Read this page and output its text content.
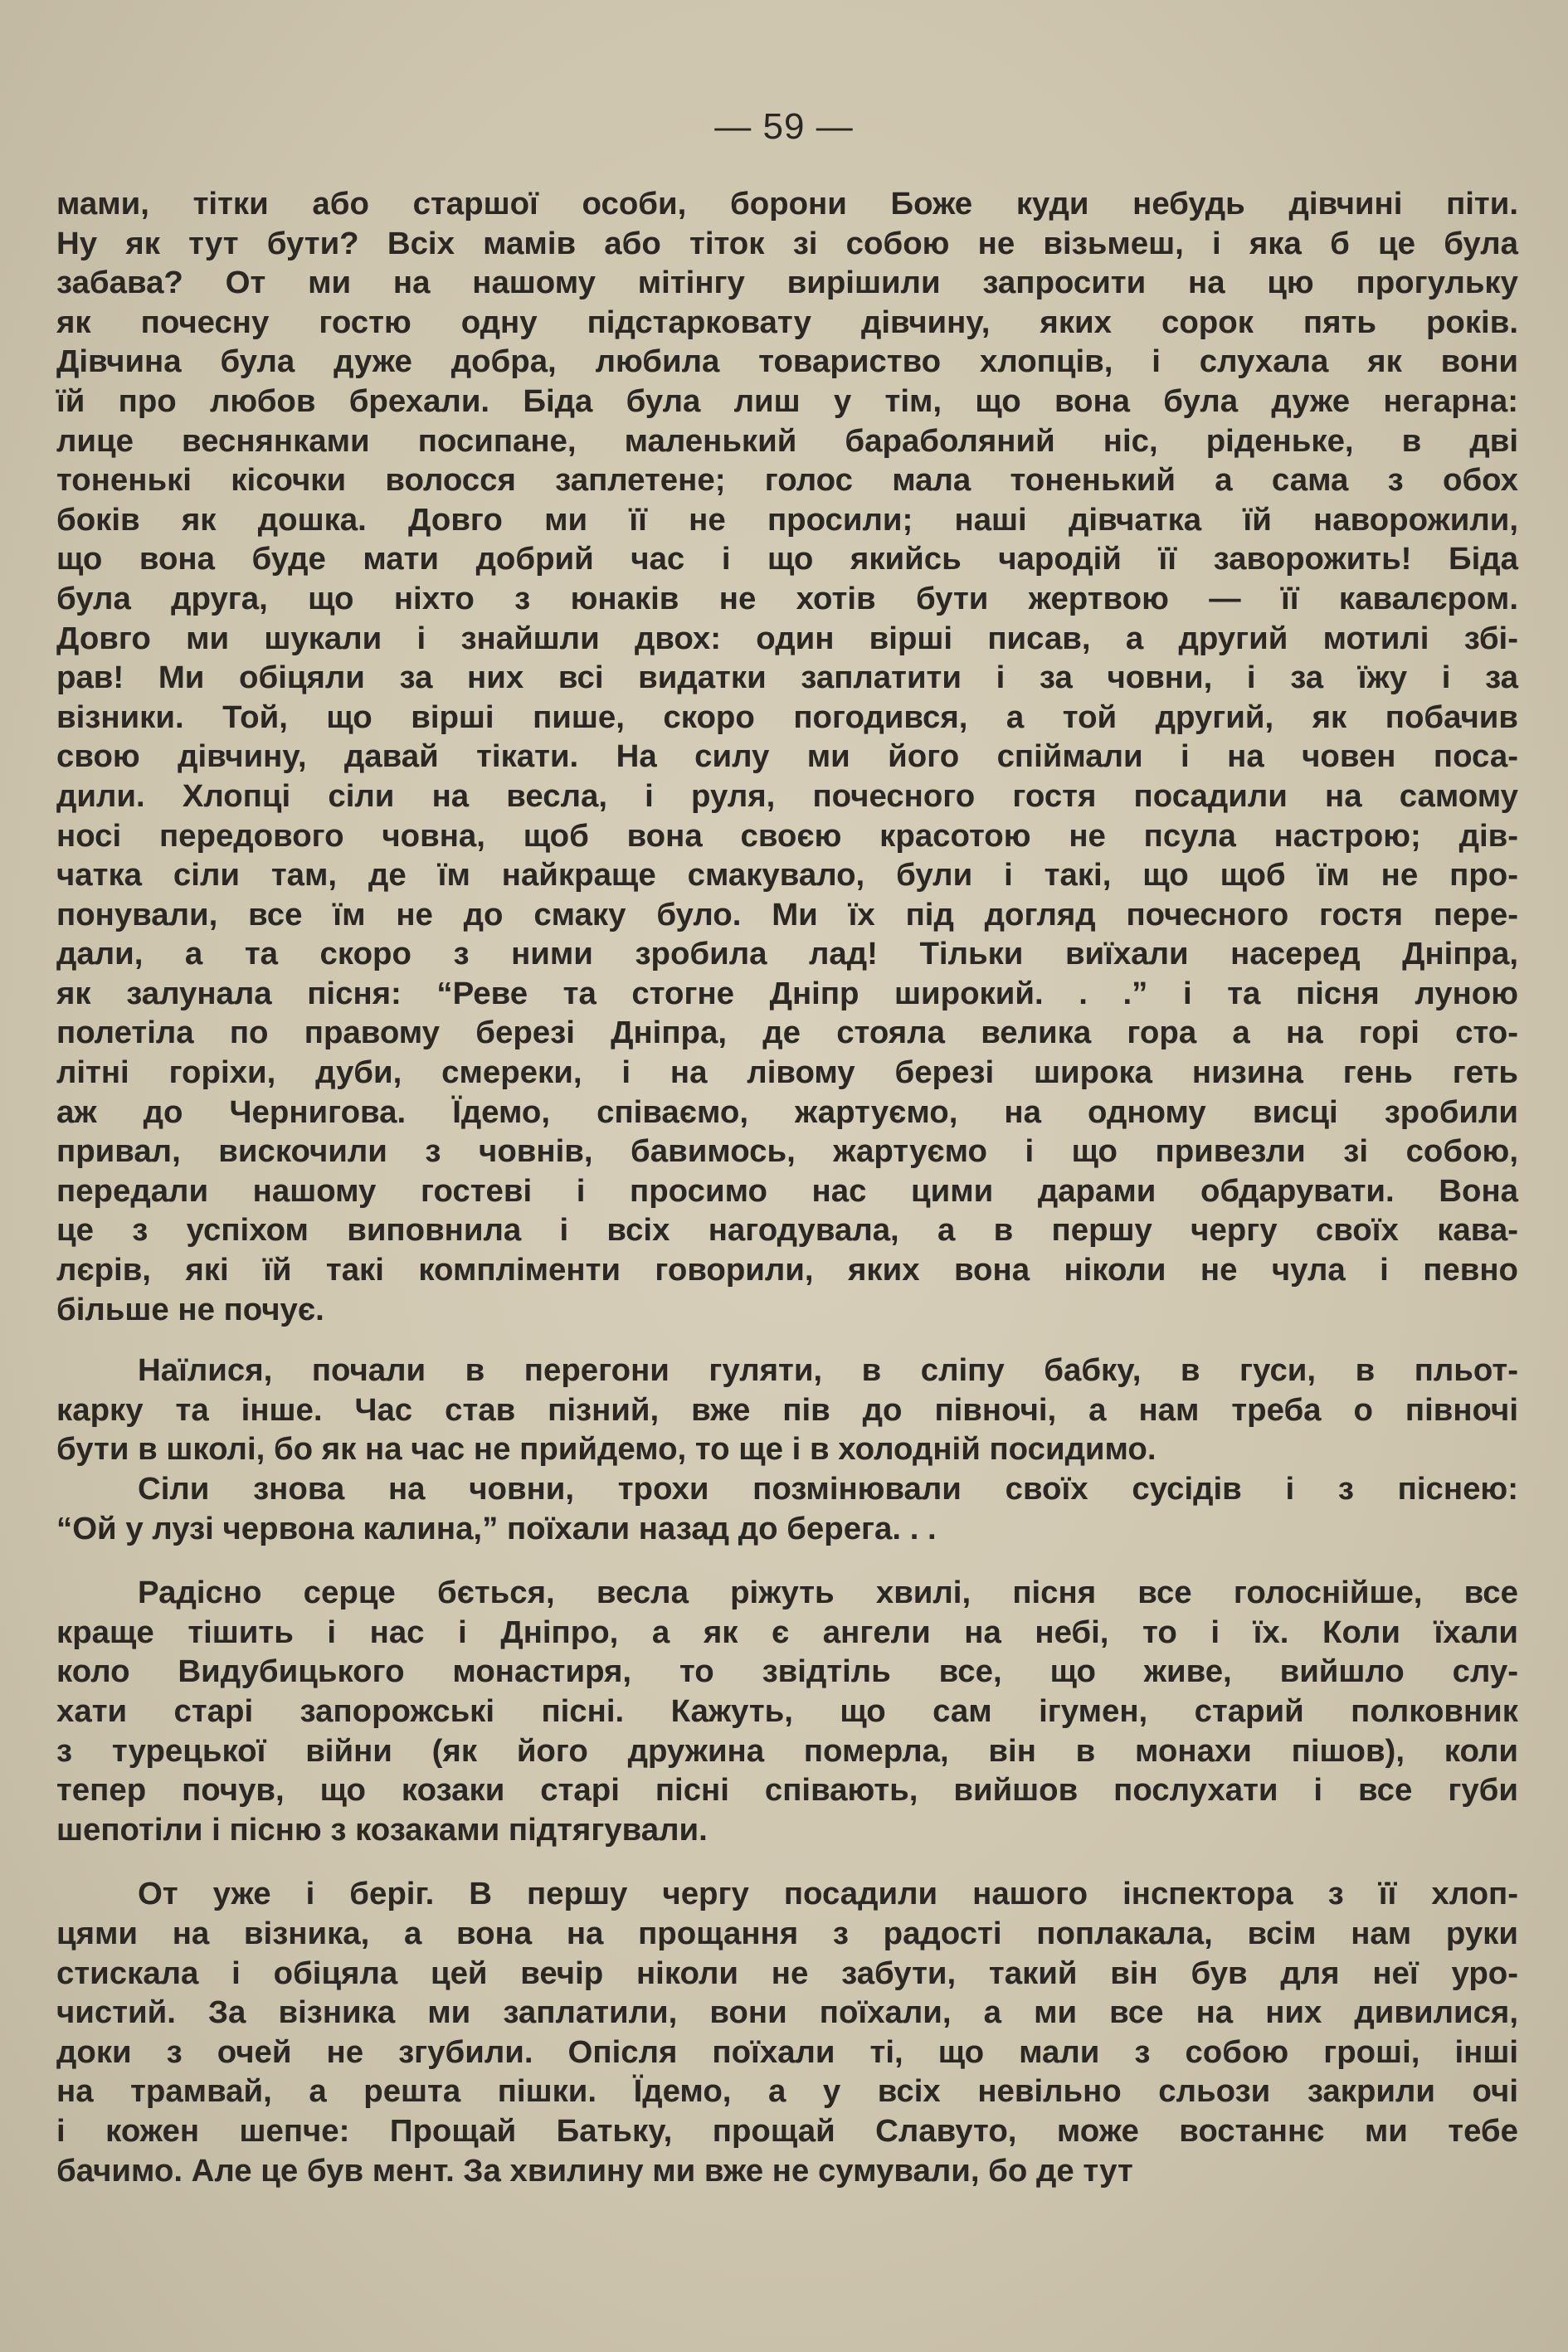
— 59 —
мами, тітки або старшої особи, борони Боже куди небудь дівчині піти.
Ну як тут бути? Всіх мамів або тіток зі собою не візьмеш, і яка б це була
забава? От ми на нашому мітінгу вирішили запросити на цю прогульку
як почесну гостю одну підстарковату дівчину, яких сорок пять років.
Дівчина була дуже добра, любила товариство хлопців, і слухала як вони
їй про любов брехали. Біда була лиш у тім, що вона була дуже негарна:
лице веснянками посипане, маленький бараболяний ніс, ріденьке, в дві
тоненькі кісочки волосся заплетене; голос мала тоненький а сама з обох
боків як дошка. Довго ми її не просили; наші дівчатка їй наворожили,
що вона буде мати добрий час і що якийсь чародій її заворожить! Біда
була друга, що ніхто з юнаків не хотів бути жертвою — її кавалєром.
Довго ми шукали і знайшли двох: один вірші писав, а другий мотилі збі-
рав! Ми обіцяли за них всі видатки заплатити і за човни, і за їжу і за
візники. Той, що вірші пише, скоро погодився, а той другий, як побачив
свою дівчину, давай тікати. На силу ми його спіймали і на човен поса-
дили. Хлопці сіли на весла, і руля, почесного гостя посадили на самому
носі передового човна, щоб вона своєю красотою не псула настрою; дів-
чатка сіли там, де їм найкраще смакувало, були і такі, що щоб їм не про-
понували, все їм не до смаку було. Ми їх під догляд почесного гостя пере-
дали, а та скоро з ними зробила лад! Тільки виїхали насеред Дніпра,
як залунала пісня: “Реве та стогне Дніпр широкий. . .” і та пісня луною
полетіла по правому березі Дніпра, де стояла велика гора а на горі сто-
літні горіхи, дуби, смереки, і на лівому березі широка низина гень геть
аж до Чернигова. Їдемо, співаємо, жартуємо, на одному висці зробили
привал, вискочили з човнів, бавимось, жартуємо і що привезли зі собою,
передали нашому гостеві і просимо нас цими дарами обдарувати. Вона
це з успіхом виповнила і всіх нагодувала, а в першу чергу своїх кава-
лєрів, які їй такі компліменти говорили, яких вона ніколи не чула і певно
більше не почує.
Наїлися, почали в перегони гуляти, в сліпу бабку, в гуси, в пльот-
карку та інше. Час став пізний, вже пів до півночі, а нам треба о півночі
бути в школі, бо як на час не прийдемо, то ще і в холодній посидимо.
Сіли знова на човни, трохи позмінювали своїх сусідів і з піснею:
“Ой у лузі червона калина,” поїхали назад до берега. . .
Радісно серце бється, весла ріжуть хвилі, пісня все голоснійше, все
краще тішить і нас і Дніпро, а як є ангели на небі, то і їх. Коли їхали
коло Видубицького монастиря, то звідтіль все, що живе, вийшло слу-
хати старі запорожські пісні. Кажуть, що сам ігумен, старий полковник
з турецької війни (як його дружина померла, він в монахи пішов), коли
тепер почув, що козаки старі пісні співають, вийшов послухати і все губи
шепотіли і пісню з козаками підтягували.
От уже і беріг. В першу чергу посадили нашого інспектора з її хлоп-
цями на візника, а вона на прощання з радості поплакала, всім нам руки
стискала і обіцяла цей вечір ніколи не забути, такий він був для неї уро-
чистий. За візника ми заплатили, вони поїхали, а ми все на них дивилися,
доки з очей не згубили. Опісля поїхали ті, що мали з собою гроші, інші
на трамвай, а решта пішки. Їдемо, а у всіх невільно сльози закрили очі
і кожен шепче: Прощай Батьку, прощай Славуто, може востаннє ми тебе
бачимо. Але це був мент. За хвилину ми вже не сумували, бо де тут
